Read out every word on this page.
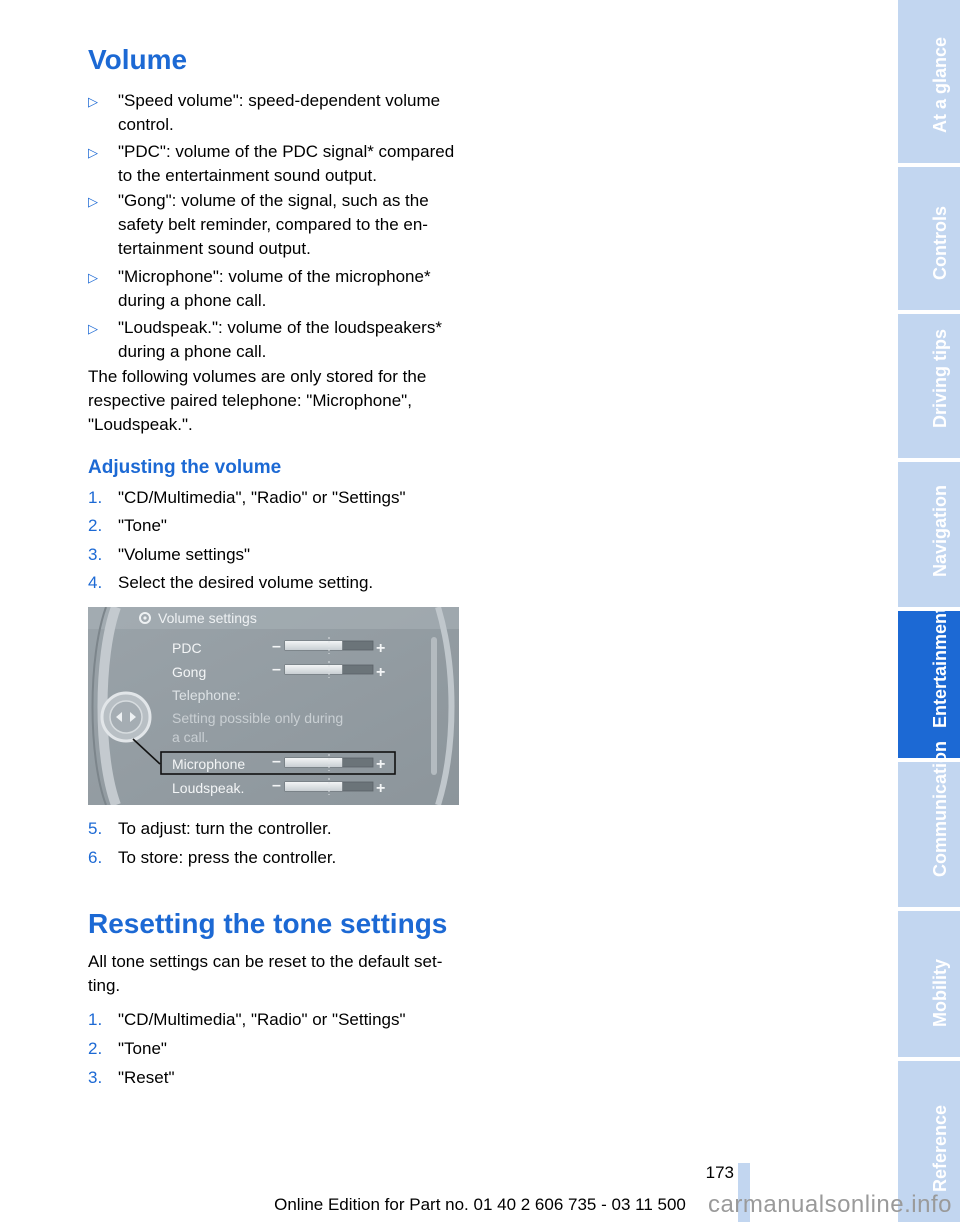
Volume
▷	"Speed volume": speed-dependent volume control.
▷	"PDC": volume of the PDC signal* compared to the entertainment sound output.
▷	"Gong": volume of the signal, such as the safety belt reminder, compared to the entertainment sound output.
▷	"Microphone": volume of the microphone* during a phone call.
▷	"Loudspeak.": volume of the loudspeakers* during a phone call.

The following volumes are only stored for the respective paired telephone: "Microphone", "Loudspeak.".

Adjusting the volume
1. "CD/Multimedia", "Radio" or "Settings"
2. "Tone"
3. "Volume settings"
4. Select the desired volume setting.
Volume settings
PDC	–	+
Gong	–	+
Telephone:
Setting possible only during
a call.
Microphone –	+
Loudspeak. –	+
5. To adjust: turn the controller.
6. To store: press the controller.
Resetting the tone settings

All tone settings can be reset to the default setting.

1. "CD/Multimedia", "Radio" or "Settings"
2. "Tone"
3. "Reset"
At a glance
Controls
Driving tips
Navigation
Entertainment
Communication
Mobility
Reference
173
Online Edition for Part no. 01 40 2 606 735 - 03 11 500 carmanualsonline.info
